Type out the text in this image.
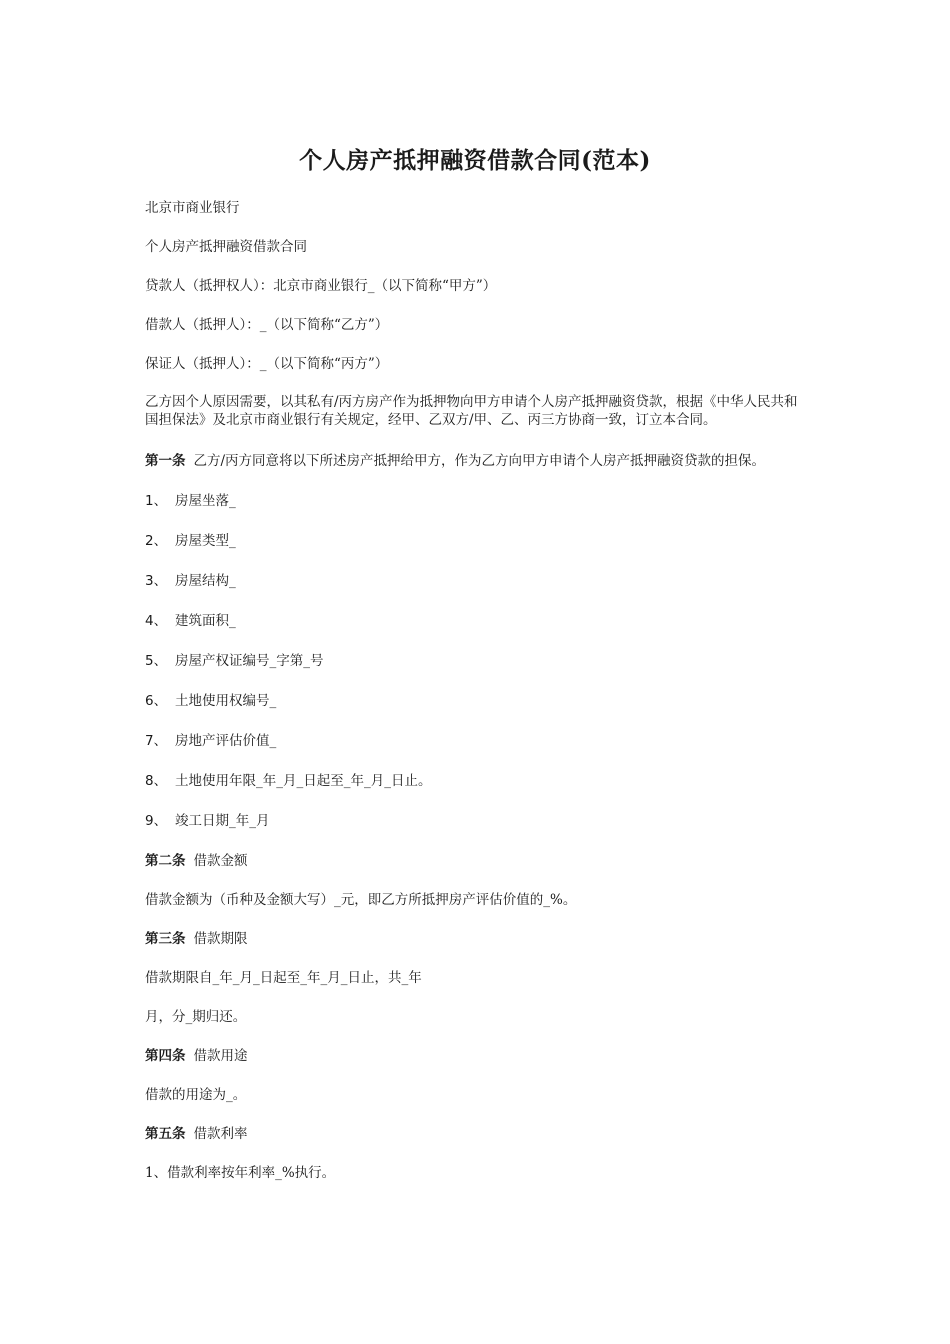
个人房产抵押融资借款合同(范本)

北京市商业银行

个人房产抵押融资借款合同

贷款人（抵押权人）：北京市商业银行_（以下简称“甲方”）

借款人（抵押人）：_（以下简称“乙方”）

保证人（抵押人）：_（以下简称“丙方”）

乙方因个人原因需要，以其私有/丙方房产作为抵押物向甲方申请个人房产抵押融资贷款，根据《中华人民共和国担保法》及北京市商业银行有关规定，经甲、乙双方/甲、乙、丙三方协商一致，订立本合同。

第一条 乙方/丙方同意将以下所述房产抵押给甲方，作为乙方向甲方申请个人房产抵押融资贷款的担保。

1、 房屋坐落_

2、 房屋类型_

3、 房屋结构_

4、 建筑面积_

5、 房屋产权证编号_字第_号

6、 土地使用权编号_

7、 房地产评估价值_

8、 土地使用年限_年_月_日起至_年_月_日止。

9、 竣工日期_年_月

第二条 借款金额

借款金额为（币种及金额大写）_元，即乙方所抵押房产评估价值的_%。

第三条 借款期限

借款期限自_年_月_日起至_年_月_日止，共_年

月，分_期归还。

第四条 借款用途

借款的用途为_。

第五条 借款利率

1、借款利率按年利率_%执行。
